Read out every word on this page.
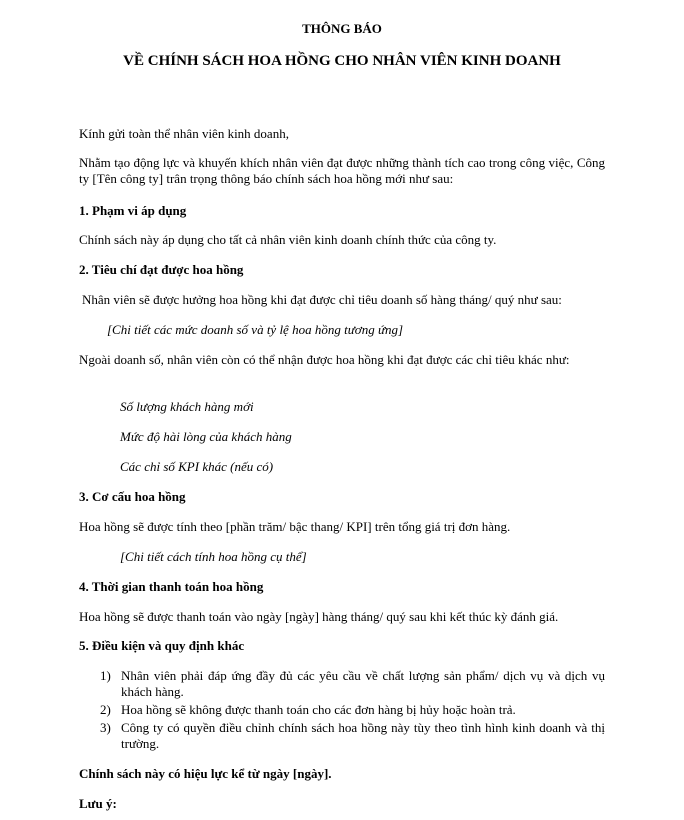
THÔNG BÁO
VỀ CHÍNH SÁCH HOA HỒNG CHO NHÂN VIÊN KINH DOANH
Kính gửi toàn thể nhân viên kinh doanh,
Nhằm tạo động lực và khuyến khích nhân viên đạt được những thành tích cao trong công việc, Công ty [Tên công ty] trân trọng thông báo chính sách hoa hồng mới như sau:
1. Phạm vi áp dụng
Chính sách này áp dụng cho tất cả nhân viên kinh doanh chính thức của công ty.
2. Tiêu chí đạt được hoa hồng
Nhân viên sẽ được hưởng hoa hồng khi đạt được chỉ tiêu doanh số hàng tháng/ quý như sau:
[Chi tiết các mức doanh số và tỷ lệ hoa hồng tương ứng]
Ngoài doanh số, nhân viên còn có thể nhận được hoa hồng khi đạt được các chỉ tiêu khác như:
Số lượng khách hàng mới
Mức độ hài lòng của khách hàng
Các chỉ số KPI khác (nếu có)
3. Cơ cấu hoa hồng
Hoa hồng sẽ được tính theo [phần trăm/ bậc thang/ KPI] trên tổng giá trị đơn hàng.
[Chi tiết cách tính hoa hồng cụ thể]
4. Thời gian thanh toán hoa hồng
Hoa hồng sẽ được thanh toán vào ngày [ngày] hàng tháng/ quý sau khi kết thúc kỳ đánh giá.
5. Điều kiện và quy định khác
1) Nhân viên phải đáp ứng đầy đủ các yêu cầu về chất lượng sản phẩm/ dịch vụ và dịch vụ khách hàng.
2) Hoa hồng sẽ không được thanh toán cho các đơn hàng bị hủy hoặc hoàn trả.
3) Công ty có quyền điều chỉnh chính sách hoa hồng này tùy theo tình hình kinh doanh và thị trường.
Chính sách này có hiệu lực kể từ ngày [ngày].
Lưu ý:
